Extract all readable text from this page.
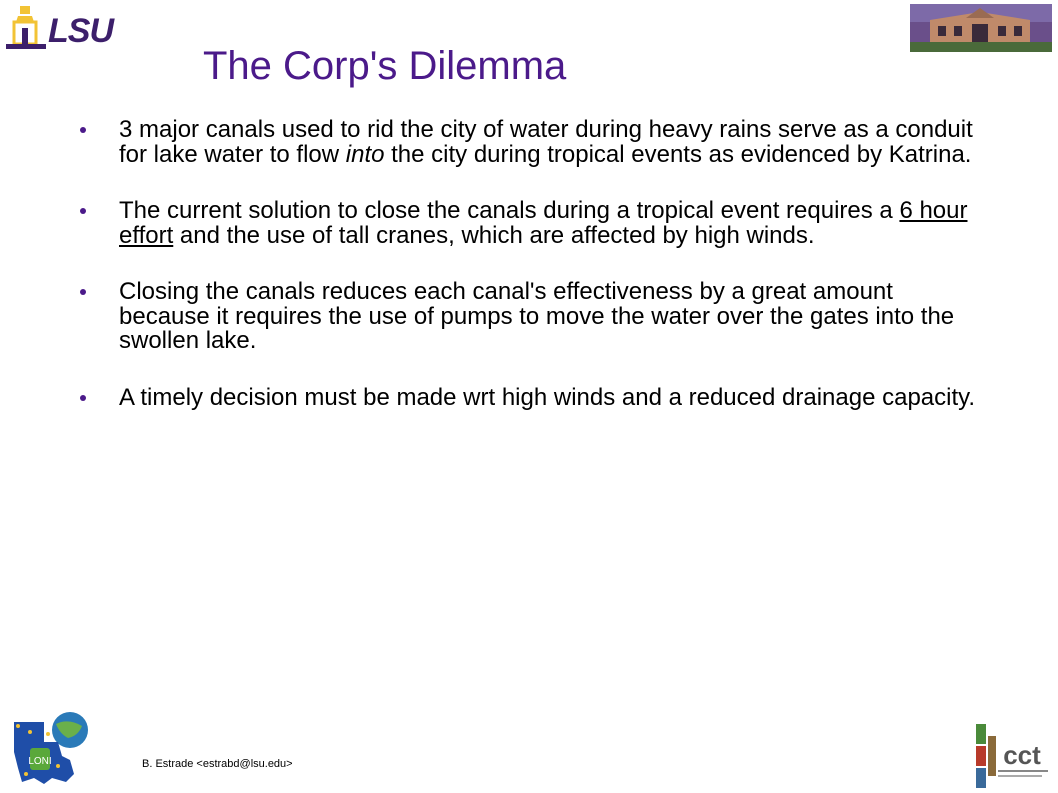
LSU
The Corp's Dilemma
3 major canals used to rid the city of water during heavy rains serve as a conduit for lake water to flow into the city during tropical events as evidenced by Katrina.
The current solution to close the canals during a tropical event requires a 6 hour effort and the use of tall cranes, which are affected by high winds.
Closing the canals reduces each canal's effectiveness by a great amount because it requires the use of pumps to move the water over the gates into the swollen lake.
A timely decision must be made wrt high winds and a reduced drainage capacity.
LONI	B. Estrade <estrabd@lsu.edu>	cct
